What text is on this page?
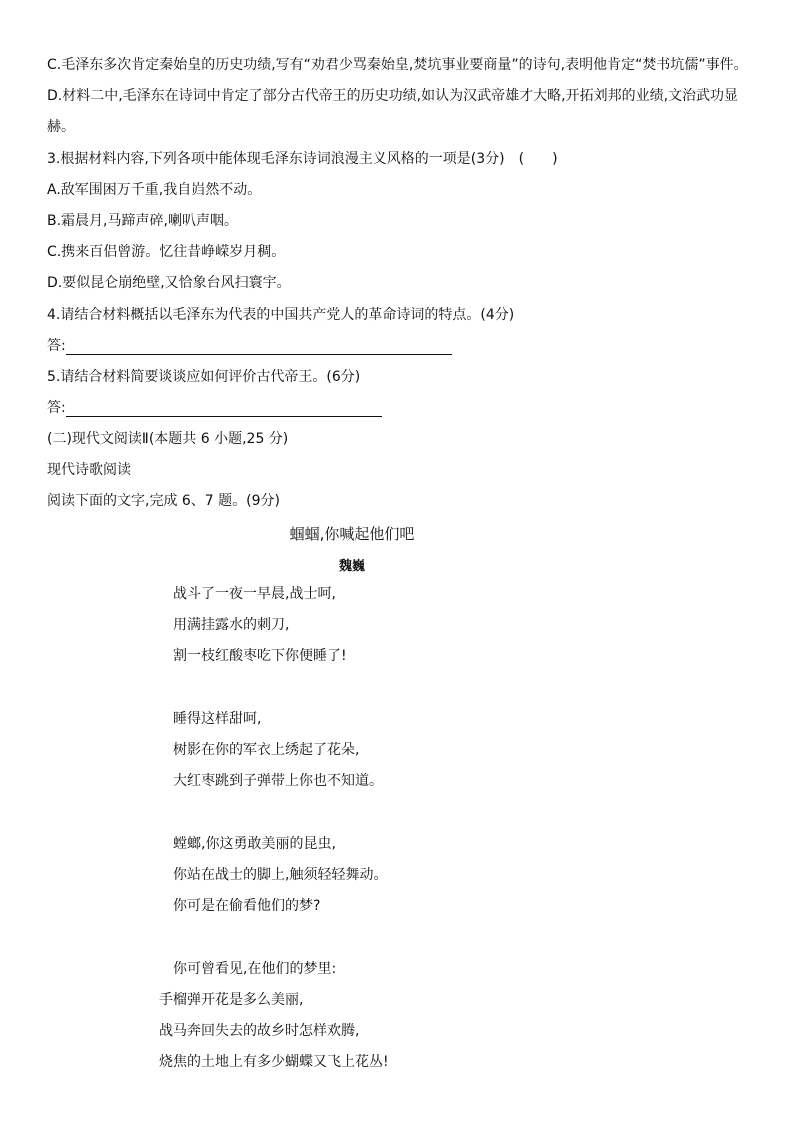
C.毛泽东多次肯定秦始皇的历史功绩,写有“劝君少骂秦始皇,焚坑事业要商量”的诗句,表明他肯定“焚书坑儒”事件。
D.材料二中,毛泽东在诗词中肯定了部分古代帝王的历史功绩,如认为汉武帝雄才大略,开拓刘邦的业绩,文治武功显赫。
3.根据材料内容,下列各项中能体现毛泽东诗词浪漫主义风格的一项是(3分)　(　　)
A.敌军围困万千重,我自岿然不动。
B.霜晨月,马蹄声碎,喇叭声咽。
C.携来百侣曾游。忆往昔峥嵘岁月稠。
D.要似昆仑崩绝壁,又恰象台风扫寰宇。
4.请结合材料概括以毛泽东为代表的中国共产党人的革命诗词的特点。(4分)
答:
5.请结合材料简要谈谈应如何评价古代帝王。(6分)
答:
(二)现代文阅读Ⅱ(本题共 6 小题,25 分)
现代诗歌阅读
阅读下面的文字,完成 6、7 题。(9分)
蝈蝈,你喊起他们吧
魏巍
战斗了一夜一早晨,战士呵,
用满挂露水的刺刀,
割一枝红酸枣吃下你便睡了!
睡得这样甜呵,
树影在你的军衣上绣起了花朵,
大红枣跳到子弹带上你也不知道。
螳螂,你这勇敢美丽的昆虫,
你站在战士的脚上,触须轻轻舞动。
你可是在偷看他们的梦?
你可曾看见,在他们的梦里:
手榴弹开花是多么美丽,
战马奔回失去的故乡时怎样欢腾,
烧焦的土地上有多少蝴蝶又飞上花丛!
